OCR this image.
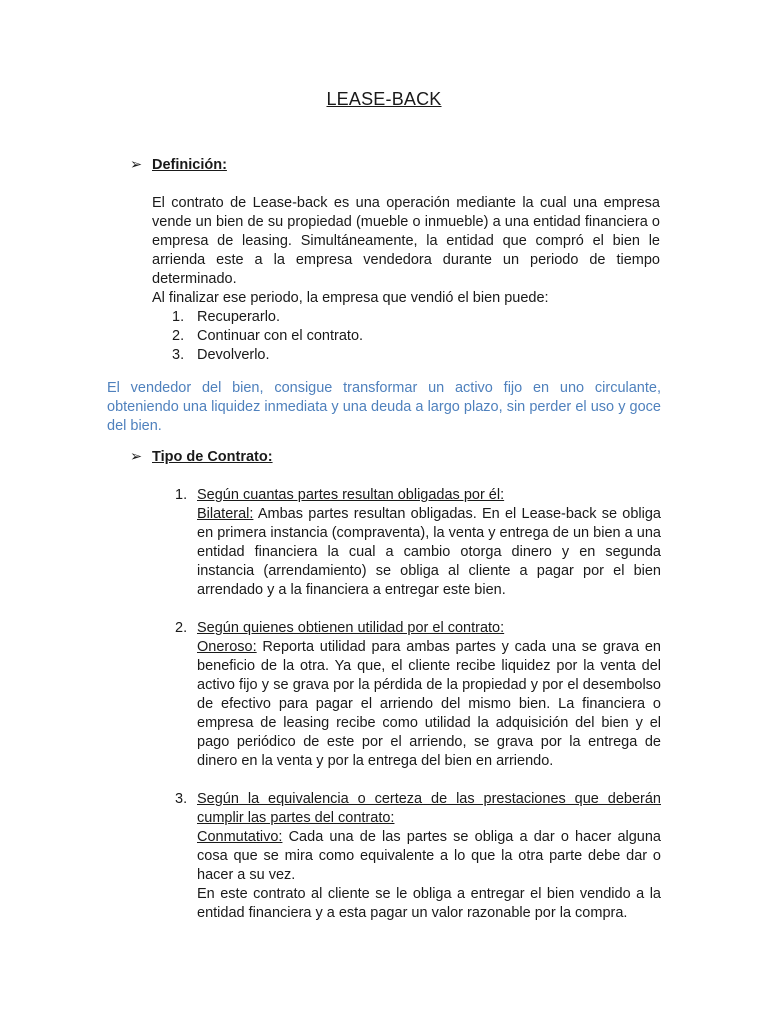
LEASE-BACK
➢ Definición:

El contrato de Lease-back es una operación mediante la cual una empresa vende un bien de su propiedad (mueble o inmueble) a una entidad financiera o empresa de leasing. Simultáneamente, la entidad que compró el bien le arrienda este a la empresa vendedora durante un periodo de tiempo determinado.

Al finalizar ese periodo, la empresa que vendió el bien puede:

1. Recuperarlo.
2. Continuar con el contrato.
3. Devolverlo.
El vendedor del bien, consigue transformar un activo fijo en uno circulante, obteniendo una liquidez inmediata y una deuda a largo plazo, sin perder el uso y goce del bien.
➢ Tipo de Contrato:
1. Según cuantas partes resultan obligadas por él:

Bilateral: Ambas partes resultan obligadas. En el Lease-back se obliga en primera instancia (compraventa), la venta y entrega de un bien a una entidad financiera la cual a cambio otorga dinero y en segunda instancia (arrendamiento) se obliga al cliente a pagar por el bien arrendado y a la financiera a entregar este bien.

2. Según quienes obtienen utilidad por el contrato:

Oneroso: Reporta utilidad para ambas partes y cada una se grava en beneficio de la otra. Ya que, el cliente recibe liquidez por la venta del activo fijo y se grava por la pérdida de la propiedad y por el desembolso de efectivo para pagar el arriendo del mismo bien. La financiera o empresa de leasing recibe como utilidad la adquisición del bien y el pago periódico de este por el arriendo, se grava por la entrega de dinero en la venta y por la entrega del bien en arriendo.

3. Según la equivalencia o certeza de las prestaciones que deberán cumplir las partes del contrato:

Conmutativo: Cada una de las partes se obliga a dar o hacer alguna cosa que se mira como equivalente a lo que la otra parte debe dar o hacer a su vez.

En este contrato al cliente se le obliga a entregar el bien vendido a la entidad financiera y a esta pagar un valor razonable por la compra.
